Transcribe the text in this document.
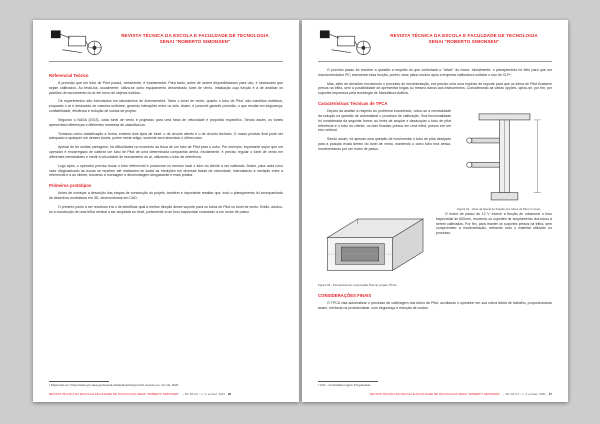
REVISTA TÉCNICA DA ESCOLA E FACULDADE DE TECNOLOGIA
SENAI "ROBERTO SIMONSEN"
Referencial Teórico

A precisão que um tubo de Pitot possui, certamente, é fundamental. Para tanto, antes de serem disponibilizados para uso, é necessário que sejam calibrados. Ao testá-los, usualmente, utiliza-se outro equipamento denominado túnel de vento. Instalação cuja função é a de analisar os padrões de escoamento do ar em torno de objetos sólidos².

Os experimentos são executados em laboratórios de Anemometria. Tanto o túnel de vento, quanto o tubo de Pitot, são mantidos estáticos, enquanto o ar é deslocado de maneira uniforme, gerando interações entre os dois. Assim, é possível garantir precisão, o que resulta em segurança, confiabilidade, eficiência e redução de custos de projeto.

Segundo a NASA (2013), cada túnel de vento é projetado para uma faixa de velocidade e propósito específico. Sendo assim, os túneis apresentam diferenças e diferentes maneiras de classificá-los.

Tomando como classificação a forma, existem dois tipos de túnel: o de circuito aberto e o de circuito fechado. O nosso produto final pode ser adequado a qualquer um desses túneis, porém neste artigo, somente será abordado o último caso.

Apesar de ter muitas vantagens, há dificuldades no momento da troca de um tubo de Pitot para o outro. Por exemplo, importante supor que um operador é encarregado de calibrar um tubo de Pitot de uma determinada companhia aérea. Inicialmente, é preciso regular o túnel de vento em diferentes intensidades e medir a velocidade de escoamento do ar, utilizando o tubo de referência.

Logo após, o operador precisa trocar o tubo referencial e posicionar no mesmo local o tubo do cliente a ser calibrado. Assim, para cada novo valor diagnosticado as trocas se repetem até realizarem-se todas as medições em diversas faixas de velocidade, intercalando a medição entre a referencial e a do cliente, tornando a montagem e desmontagem desgastante e mais prática.

Primeiros protótipos

Antes de começar a descrição das etapas de construção do projeto, também é importante resaltar que, todo o planejamento foi acompanhado de desenhos modelados em 3D, desenvolvidos em CAD.

O primeiro ponto a ser resolvido era o de identificar qual a melhor direção desse suporte para os tubos de Pitot no túnel de vento. Então, adotou-se a construção de uma trilha vertical a ser acoplada ao túnel, juntamente a um fuso trapezoidal conectado a um motor de passo.

² Disponível em: https://www.grc.nasa.gov/www/k-12/airplane/tuntype.html. Acesso em: 14 mar. 2020.
REVISTA TÉCNICA DA ESCOLA E FACULDADE DE TECNOLOGIA SENAI "ROBERTO SIMONSEN" – SP, PA 4.0 – n. 3, jul./dez. 2021 26
REVISTA TÉCNICA DA ESCOLA E FACULDADE DE TECNOLOGIA
SENAI "ROBERTO SIMONSEN"

O próximo passo foi resolver a questão a respeito do que controlaria o "driver" do motor. Inicialmente, o planejamento foi feito para que um microcontrolador PIC exercesse essa função, porém, esse plano mudou após a empresa calibradora solicitar o uso de CLP³.

Mas, além de decisões envolvendo o processo de movimentação, era preciso criar uma espécie de suporte para que os tubos de Pitot ficassem presos na trilha, sem a possibilidade de apresentar folgas ou mesmo danos aos instrumentos. Considerando as várias opções, optou-se, por fim, por suportes impressos pela tecnologia de Manufatura Aditiva.

Características Técnicas de TPCA

Depois da análise a respeito do problema encontrado, notou-se a necessidade da solução na questão de automatizar o processo de calibração. Sua funcionalidade foi considerada da seguinte forma: ao invés de acoplar e desacoplar o tubo de pitot referência e o tubo do cliente, os dois ficariam presos em uma trilha, presos em um eixo vertical.

Sendo assim, foi apenas uma questão de movimentar o tubo de pitot desejado para a posição exata dentro do túnel de vento, mantendo o outro tubo fora dessa, movimentando por um motor de passo.

Figura 02 - Vista da lateral de fixação dos tubos de Pitot no túnel.
Figura 03 - Perspectiva da composição final do projeto TPCA.

O motor de passo de 12 V, exerce a função de rotacionar o fuso trapezoidal de 600mm, movendo os suportes de acoplamento dos tubos a serem calibrados. Por fim, para manter os suportes presos na trilha, sem comprometer a movimentação, retirando todo o material utilizado no processo.

CONSIDERAÇÕES FINAIS

O TPCA visa automatizar o processo de calibragem dos tubos de Pitot, auxiliando o operador em sua rotina diária de trabalho, proporcionando assim, melhoria na produtividade, com segurança e redução de custos.

³ CLP – Controlador Lógico Programável.
REVISTA TÉCNICA DA ESCOLA E FACULDADE DE TECNOLOGIA SENAI "ROBERTO SIMONSEN" – SP, PA 4.0 – n. 3, jul./dez. 2021 27
